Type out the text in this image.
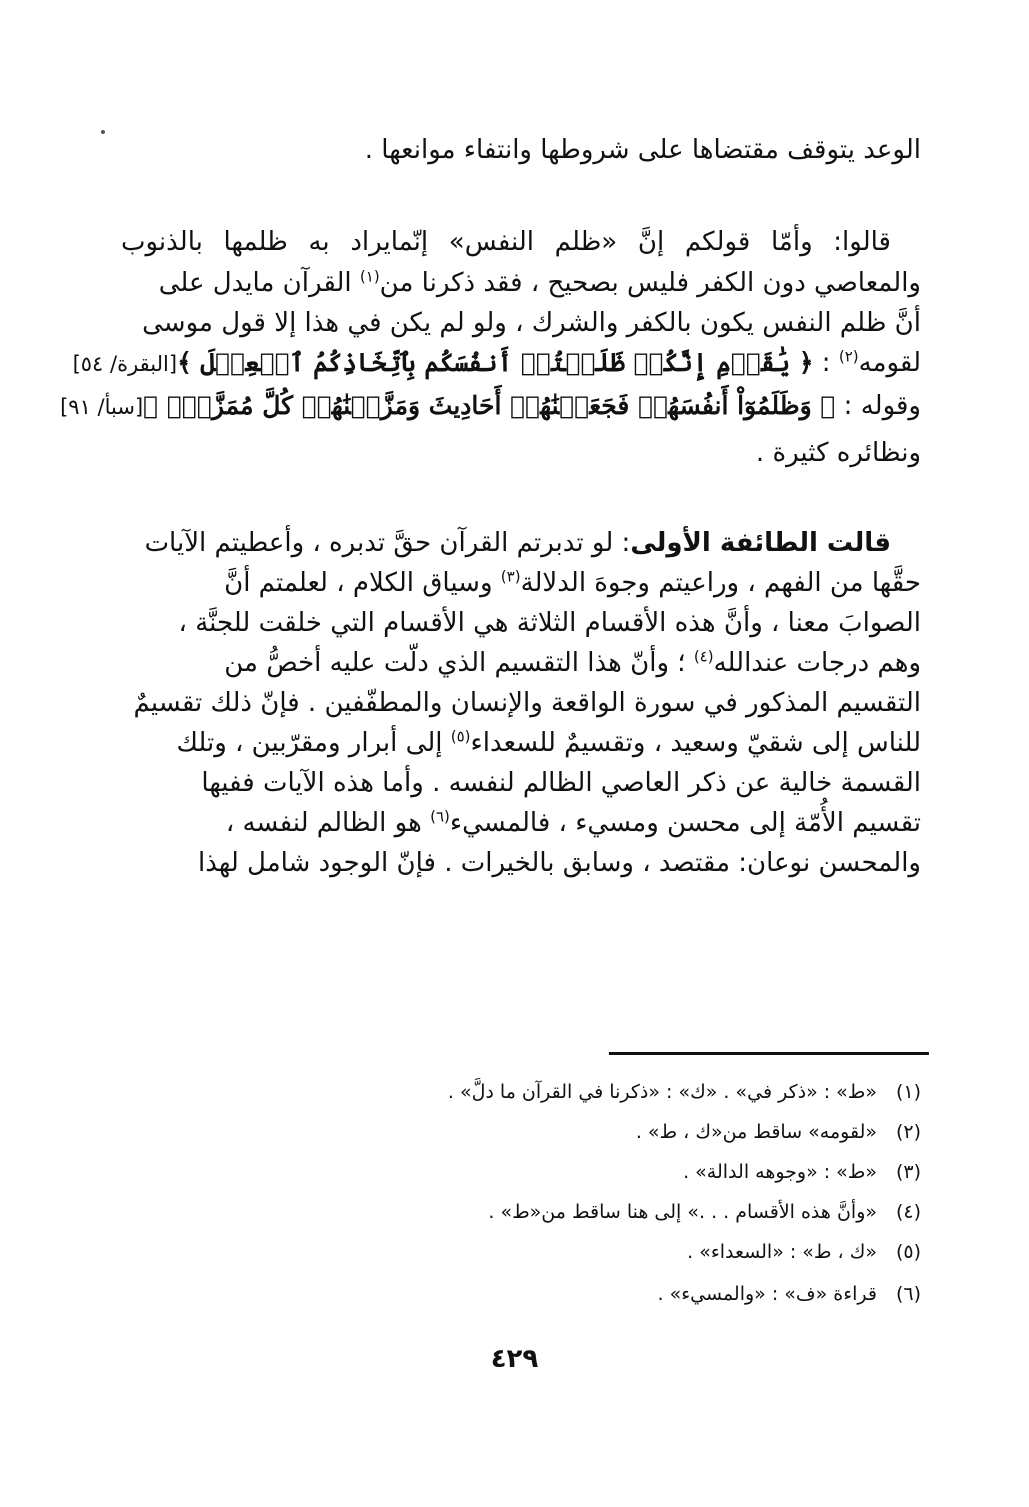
الوعد يتوقف مقتضاها على شروطها وانتفاء موانعها .
قالوا: وأمّا قولكم إنَّ «ظلم النفس» إنّمايراد به ظلمها بالذنوب
والمعاصي دون الكفر فليس بصحيح ، فقد ذكرنا من$^{(١)}$ القرآن مايدل على
أنَّ ظلم النفس يكون بالكفر والشرك ، ولو لم يكن في هذا إلا قول موسى
لقومه$^{(٢)}$ : ﴿ يَٰقَوۡمِ إِنَّكُمۡ ظَلَمۡتُمۡ أَنفُسَكُم بِٱتِّخَاذِكُمُ ٱلۡعِجۡلَ ﴾[البقرة/ ٥٤]
وقوله : ﴿ وَظَلَمُوٓاْ أَنفُسَهُمۡ فَجَعَلۡنَٰهُمۡ أَحَادِيثَ وَمَزَّقۡنَٰهُمۡ كُلَّ مُمَزَّقٍۚ ﴾[سبأ/ ٩١]
ونظائره كثيرة .
قالت الطائفة الأولى: لو تدبرتم القرآن حقَّ تدبره ، وأعطيتم الآيات
حقَّها من الفهم ، وراعيتم وجوهَ الدلالة$^{(٣)}$ وسياق الكلام ، لعلمتم أنَّ
الصوابَ معنا ، وأنَّ هذه الأقسام الثلاثة هي الأقسام التي خلقت للجنَّة ،
وهم درجات عندالله$^{(٤)}$ ؛ وأنّ هذا التقسيم الذي دلّت عليه أخصُّ من
التقسيم المذكور في سورة الواقعة والإنسان والمطفّفين . فإنّ ذلك تقسيمٌ
للناس إلى شقيّ وسعيد ، وتقسيمٌ للسعداء$^{(٥)}$ إلى أبرار ومقرّبين ، وتلك
القسمة خالية عن ذكر العاصي الظالم لنفسه . وأما هذه الآيات ففيها
تقسيم الأُمّة إلى محسن ومسيء ، فالمسيء$^{(٦)}$ هو الظالم لنفسه ،
والمحسن نوعان: مقتصد ، وسابق بالخيرات . فإنّ الوجود شامل لهذا
(١)«ط» : «ذكر في» . «ك» : «ذكرنا في القرآن ما دلَّ» .
(٢)«لقومه» ساقط من«ك ، ط» .
(٣)«ط» : «وجوهه الدالة» .
(٤)«وأنَّ هذه الأقسام . . .» إلى هنا ساقط من«ط» .
(٥)«ك ، ط» : «السعداء» .
(٦)قراءة «ف» : «والمسيء» .
٤٢٩
